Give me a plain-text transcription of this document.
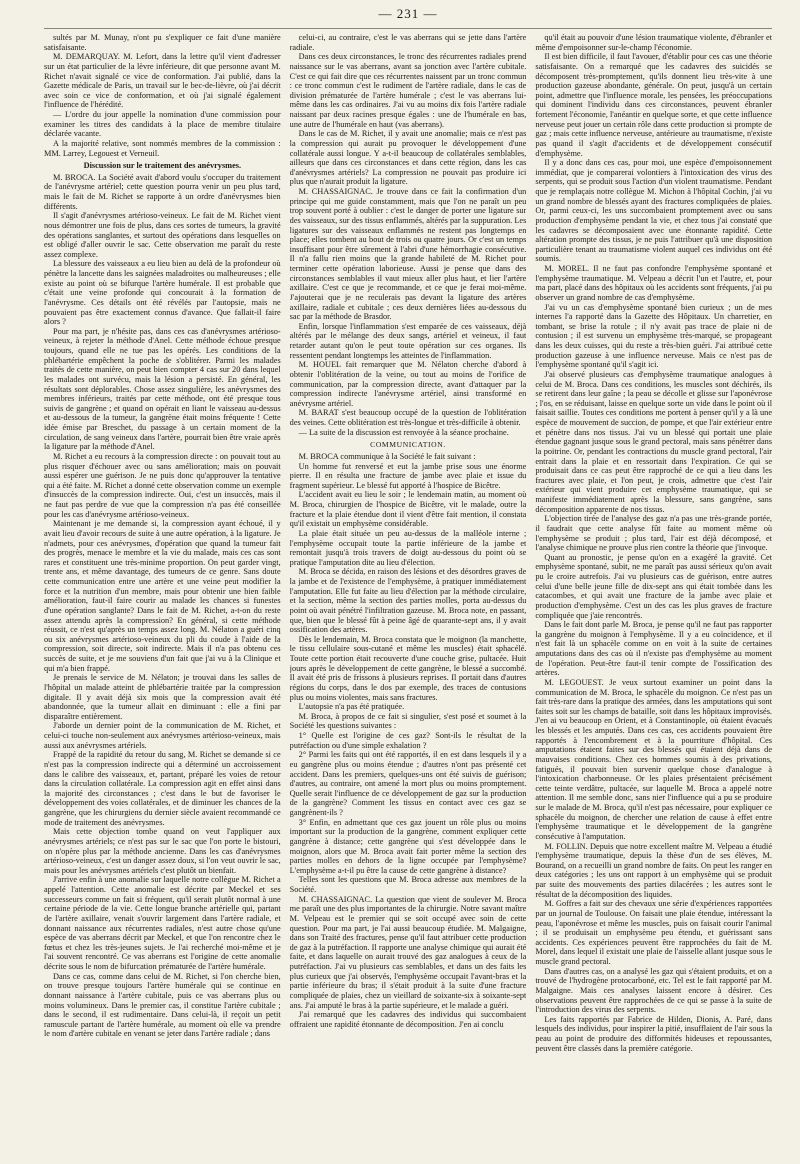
— 231 —

sultés par M. Munay, n'ont pu s'expliquer ce fait d'une manière satisfaisante.

M. DEMARQUAY. M. Lefort, dans la lettre qu'il vient d'adresser sur un état particulier de la lèvre inférieure, dit que personne avant M. Richet n'avait signalé ce vice de conformation. J'ai publié, dans la Gazette médicale de Paris, un travail sur le bec-de-lièvre, où j'ai décrit avec soin ce vice de conformation, et où j'ai signalé également l'influence de l'hérédité.

— L'ordre du jour appelle la nomination d'une commission pour examiner les titres des candidats à la place de membre titulaire déclarée vacante.

A la majorité relative, sont nommés membres de la commission : MM. Larrey, Legouest et Verneuil.

Discussion sur le traitement des anévrysmes.

M. BROCA. La Société avait d'abord voulu s'occuper du traitement de l'anévrysme artériel; cette question pourra venir un peu plus tard, mais le fait de M. Richet se rapporte à un ordre d'anévrysmes bien différents.

Il s'agit d'anévrysmes artérioso-veineux. Le fait de M. Richet vient nous démontrer une fois de plus, dans ces sortes de tumeurs, la gravité des opérations sanglantes, et surtout des opérations dans lesquelles on est obligé d'aller ouvrir le sac. Cette observation me paraît du reste assez complexe.

La blessure des vaisseaux a eu lieu bien au delà de la profondeur où pénètre la lancette dans les saignées maladroites ou malheureuses ; elle existe au point où se bifurque l'artère humérale. Il est probable que c'était une veine profonde qui concourait à la formation de l'anévrysme. Ces détails ont été révélés par l'autopsie, mais ne pouvaient pas être exactement connus d'avance. Que fallait-il faire alors ?

Pour ma part, je n'hésite pas, dans ces cas d'anévrysmes artérioso-veineux, à rejeter la méthode d'Anel. Cette méthode échoue presque toujours, quand elle ne tue pas les opérés. Les conditions de la phlébartérie empêchent la poche de s'oblitérer. Parmi les malades traités de cette manière, on peut bien compter 4 cas sur 20 dans lequel les malades ont survécu, mais la lésion a persisté. En général, les résultats sont déplorables. Chose assez singulière, les anévrysmes des membres inférieurs, traités par cette méthode, ont été presque tous suivis de gangrène ; et quand on opérait en liant le vaisseau au-dessus et au-dessous de la tumeur, la gangrène était moins fréquente ! Cette idée émise par Breschet, du passage à un certain moment de la circulation, de sang veineux dans l'artère, pourrait bien être vraie après la ligature par la méthode d'Anel.

M. Richet a eu recours à la compression directe : on pouvait tout au plus risquer d'échouer avec ou sans amélioration; mais on pouvait aussi espérer une guérison. Je ne puis donc qu'approuver la tentative qui a été faite. M. Richet a donné cette observation comme un exemple d'insuccès de la compression indirecte. Oui, c'est un insuccès, mais il ne faut pas perdre de vue que la compression n'a pas été conseillée pour les cas d'anévrysme artérioso-veineux.

Maintenant je me demande si, la compression ayant échoué, il y avait lieu d'avoir recours de suite à une autre opération, à la ligature. Je n'admets, pour ces anévrysmes, d'opération que quand la tumeur fait des progrès, menace le membre et la vie du malade, mais ces cas sont rares et constituent une très-minime proportion. On peut garder vingt, trente ans, et même davantage, des tumeurs de ce genre. Sans doute cette communication entre une artère et une veine peut modifier la force et la nutrition d'un membre, mais pour obtenir une bien faible amélioration, faut-il faire courir au malade les chances si funestes d'une opération sanglante? Dans le fait de M. Richet, a-t-on du reste assez attendu après la compression? En général, si cette méthode réussit, ce n'est qu'après un temps assez long. M. Nélaton a guéri cinq ou six anévrysmes artérioso-veineux du pli du coude à l'aide de la compression, soit directe, soit indirecte. Mais il n'a pas obtenu ces succès de suite, et je me souviens d'un fait que j'ai vu à la Clinique et qui m'a bien frappé.

Je prenais le service de M. Nélaton; je trouvai dans les salles de l'hôpital un malade atteint de phlébartérie traitée par la compression digitale. Il y avait déjà six mois que la compression avait été abandonnée, que la tumeur allait en diminuant : elle a fini par disparaître entièrement.

J'aborde un dernier point de la communication de M. Richet, et celui-ci touche non-seulement aux anévrysmes artérioso-veineux, mais aussi aux anévrysmes artériels.

Frappé de la rapidité du retour du sang, M. Richet se demande si ce n'est pas la compression indirecte qui a déterminé un accroissement dans le calibre des vaisseaux, et, partant, préparé les voies de retour dans la circulation collatérale. La compression agit en effet ainsi dans la majorité des circonstances ; c'est dans le but de favoriser le développement des voies collatérales, et de diminuer les chances de la gangrène, que les chirurgiens du dernier siècle avaient recommandé ce mode de traitement des anévrysmes.

Mais cette objection tombe quand on veut l'appliquer aux anévrysmes artériels; ce n'est pas sur le sac que l'on porte le bistouri, on n'opère plus par la méthode ancienne. Dans les cas d'anévrysmes artérioso-veineux, c'est un danger assez doux, si l'on veut ouvrir le sac, mais pour les anévrysmes artériels c'est plutôt un bienfait.

J'arrive enfin à une anomalie sur laquelle notre collègue M. Richet a appelé l'attention. Cette anomalie est décrite par Meckel et ses successeurs comme un fait si fréquent, qu'il serait plutôt normal à une certaine période de la vie. Cette longue branche artérielle qui, partant de l'artère axillaire, venait s'ouvrir largement dans l'artère radiale, et donnant naissance aux récurrentes radiales, n'est autre chose qu'une espèce de vas aberrans décrit par Meckel, et que l'on rencontre chez le fœtus et chez les très-jeunes sujets. Je l'ai recherché moi-même et je l'ai souvent rencontré. Ce vas aberrans est l'origine de cette anomalie décrite sous le nom de bifurcation prématurée de l'artère humérale.

Dans ce cas, comme dans celui de M. Richet, si l'on cherche bien, on trouve presque toujours l'artère humérale qui se continue en donnant naissance à l'artère cubitale, puis ce vas aberrans plus ou moins volumineux. Dans le premier cas, il constitue l'artère cubitale ; dans le second, il est rudimentaire. Dans celui-là, il reçoit un petit ramuscule partant de l'artère humérale, au moment où elle va prendre le nom d'artère cubitale en venant se jeter dans l'artère radiale ; dans

celui-ci, au contraire, c'est le vas aberrans qui se jette dans l'artère radiale.

Dans ces deux circonstances, le tronc des récurrentes radiales prend naissance sur le vas aberrans, avant sa jonction avec l'artère cubitale. C'est ce qui fait dire que ces récurrentes naissent par un tronc commun : ce tronc commun c'est le rudiment de l'artère radiale, dans le cas de division prématurée de l'artère humérale ; c'est le vas aberrans lui-même dans les cas ordinaires. J'ai vu au moins dix fois l'artère radiale naissant par deux racines presque égales : une de l'humérale en bas, une autre de l'humérale en haut (vas aberrans).

Dans le cas de M. Richet, il y avait une anomalie; mais ce n'est pas la compression qui aurait pu provoquer le développement d'une collatérale aussi longue. Y a-t-il beaucoup de collatérales semblables, ailleurs que dans ces circonstances et dans cette région, dans les cas d'anévrysmes artériels? La compression ne pouvait pas produire ici plus que n'aurait produit la ligature.

M. CHASSAIGNAC. Je trouve dans ce fait la confirmation d'un principe qui me guide constamment, mais que l'on ne paraît un peu trop souvent porté à oublier : c'est le danger de porter une ligature sur des vaisseaux, sur des tissus enflammés, altérés par la suppuration. Les ligatures sur des vaisseaux enflammés ne restent pas longtemps en place; elles tombent au bout de trois ou quatre jours. Or c'est un temps insuffisant pour être sûrement à l'abri d'une hémorrhagie consécutive. Il n'a fallu rien moins que la grande habileté de M. Richet pour terminer cette opération laborieuse. Aussi je pense que dans des circonstances semblables il vaut mieux aller plus haut, et lier l'artère axillaire. C'est ce que je recommande, et ce que je ferai moi-même. J'ajouterai que je ne reculerais pas devant la ligature des artères axillaire, radiale et cubitale ; ces deux dernières liées au-dessous du sac par la méthode de Brasdor.

Enfin, lorsque l'inflammation s'est emparée de ces vaisseaux, déjà altérés par le mélange des deux sangs, artériel et veineux, il faut retarder autant qu'on le peut toute opération sur ces organes. Ils ressentent pendant longtemps les atteintes de l'inflammation.

M. HOUEL fait remarquer que M. Nélaton cherche d'abord à obtenir l'oblitération de la veine, ou tout au moins de l'orifice de communication, par la compression directe, avant d'attaquer par la compression indirecte l'anévrysme artériel, ainsi transformé en anévrysme artériel.

M. BARAT s'est beaucoup occupé de la question de l'oblitération des veines. Cette oblitération est très-longue et très-difficile à obtenir.

— La suite de la discussion est renvoyée à la séance prochaine.

COMMUNICATION.

M. BROCA communique à la Société le fait suivant :

Un homme fut renversé et eut la jambe prise sous une énorme pierre. Il en résulta une fracture de jambe avec plaie et issue du fragment supérieur. Le blessé fut apporté à l'hospice de Bicêtre.

L'accident avait eu lieu le soir ; le lendemain matin, au moment où M. Broca, chirurgien de l'hospice de Bicêtre, vit le malade, outre la fracture et la plaie étendue dont il vient d'être fait mention, il constata qu'il existait un emphysème considérable.

La plaie était située un peu au-dessus de la malléole interne ; l'emphysème occupait toute la partie inférieure de la jambe et remontait jusqu'à trois travers de doigt au-dessous du point où se pratique l'amputation dite au lieu d'élection.

M. Broca se décida, en raison des lésions et des désordres graves de la jambe et de l'existence de l'emphysème, à pratiquer immédiatement l'amputation. Elle fut faite au lieu d'élection par la méthode circulaire, et la section, même la section des parties molles, porta au-dessus du point où avait pénétré l'infiltration gazeuse. M. Broca note, en passant, que, bien que le blessé fût à peine âgé de quarante-sept ans, il y avait ossification des artères.

Dès le lendemain, M. Broca constata que le moignon (la manchette, le tissu cellulaire sous-cutané et même les muscles) était sphacélé. Toute cette portion était recouverte d'une couche grise, pultacée. Huit jours après le développement de cette gangrène, le blessé a succombé. Il avait été pris de frissons à plusieurs reprises. Il portait dans d'autres régions du corps, dans le dos par exemple, des traces de contusions plus ou moins violentes, mais sans fractures.

L'autopsie n'a pas été pratiquée.

M. Broca, à propos de ce fait si singulier, s'est posé et soumet à la Société les questions suivantes :

1° Quelle est l'origine de ces gaz? Sont-ils le résultat de la putréfaction ou d'une simple exhalation ?

2° Parmi les faits qui ont été rapportés, il en est dans lesquels il y a eu gangrène plus ou moins étendue ; d'autres n'ont pas présenté cet accident. Dans les premiers, quelques-uns ont été suivis de guérison; d'autres, au contraire, ont amené la mort plus ou moins promptement. Quelle serait l'influence de ce développement de gaz sur la production de la gangrène? Comment les tissus en contact avec ces gaz se gangrènent-ils ?

3° Enfin, en admettant que ces gaz jouent un rôle plus ou moins important sur la production de la gangrène, comment expliquer cette gangrène à distance; cette gangrène qui s'est développée dans le moignon, alors que M. Broca avait fait porter même la section des parties molles en dehors de la ligne occupée par l'emphysème? L'emphysème a-t-il pu être la cause de cette gangrène à distance?

Telles sont les questions que M. Broca adresse aux membres de la Société.

M. CHASSAIGNAC. La question que vient de soulever M. Broca me paraît une des plus importantes de la chirurgie. Notre savant maître M. Velpeau est le premier qui se soit occupé avec soin de cette question. Pour ma part, je l'ai aussi beaucoup étudiée. M. Malgaigne, dans son Traité des fractures, pense qu'il faut attribuer cette production de gaz à la putréfaction. Il rapporte une analyse chimique qui aurait été faite, et dans laquelle on aurait trouvé des gaz analogues à ceux de la putréfaction. J'ai vu plusieurs cas semblables, et dans un des faits les plus curieux que j'ai observés, l'emphysème occupait l'avant-bras et la partie inférieure du bras; il s'était produit à la suite d'une fracture compliquée de plaies, chez un vieillard de soixante-six à soixante-sept ans. J'ai amputé le bras à la partie supérieure, et le malade a guéri.

J'ai remarqué que les cadavres des individus qui succombaient offraient une rapidité étonnante de décomposition. J'en ai conclu

qu'il était au pouvoir d'une lésion traumatique violente, d'ébranler et même d'empoisonner sur-le-champ l'économie.

Il est bien difficile, il faut l'avouer, d'établir pour ces cas une théorie satisfaisante. On a remarqué que les cadavres des suicidés se décomposent très-promptement, qu'ils donnent lieu très-vite à une production gazeuse abondante, générale. On peut, jusqu'à un certain point, admettre que l'influence morale, les pensées, les préoccupations qui dominent l'individu dans ces circonstances, peuvent ébranler fortement l'économie, l'anéantir en quelque sorte, et que cette influence nerveuse peut jouer un certain rôle dans cette production si prompte de gaz ; mais cette influence nerveuse, antérieure au traumatisme, n'existe pas quand il s'agit d'accidents et de développement consécutif d'emphysème.

Il y a donc dans ces cas, pour moi, une espèce d'empoisonnement immédiat, que je comparerai volontiers à l'intoxication des virus des serpents, qui se produit sous l'action d'un violent traumatisme. Pendant que je remplaçais notre collègue M. Michon à l'hôpital Cochin, j'ai vu un grand nombre de blessés ayant des fractures compliquées de plaies. Or, parmi ceux-ci, les uns succombaient promptement avec ou sans production d'emphysème pendant la vie, et chez tous j'ai constaté que les cadavres se décomposaient avec une étonnante rapidité. Cette altération prompte des tissus, je ne puis l'attribuer qu'à une disposition particulière tenant au traumatisme violent auquel ces individus ont été soumis.

M. MOREL. Il ne faut pas confondre l'emphysème spontané et l'emphysème traumatique. M. Velpeau a décrit l'un et l'autre, et, pour ma part, placé dans des hôpitaux où les accidents sont fréquents, j'ai pu observer un grand nombre de cas d'emphysème.

J'ai vu un cas d'emphysème spontané bien curieux ; un de mes internes l'a rapporté dans la Gazette des Hôpitaux. Un charretier, en tombant, se brise la rotule ; il n'y avait pas trace de plaie ni de contusion ; il est survenu un emphysème très-marqué, se propageant dans les deux cuisses, qui du reste a très-bien guéri. J'ai attribué cette production gazeuse à une influence nerveuse. Mais ce n'est pas de l'emphysème spontané qu'il s'agit ici.

J'ai observé plusieurs cas d'emphysème traumatique analogues à celui de M. Broca. Dans ces conditions, les muscles sont déchirés, ils se retirent dans leur gaîne ; la peau se décolle et glisse sur l'aponévrose ; l'os, en se réduisant, laisse en quelque sorte un vide dans le point où il faisait saillie. Toutes ces conditions me portent à penser qu'il y a là une espèce de mouvement de succion, de pompe, et que l'air extérieur entre et pénètre dans nos tissus. J'ai vu un blessé qui portait une plaie étendue gagnant jusque sous le grand pectoral, mais sans pénétrer dans la poitrine. Or, pendant les contractions du muscle grand pectoral, l'air entrait dans la plaie et en ressortait dans l'expiration. Ce qui se produisait dans ce cas peut être rapproché de ce qui a lieu dans les fractures avec plaie, et l'on peut, je crois, admettre que c'est l'air extérieur qui vient produire cet emphysème traumatique, qui se manifeste immédiatement après la blessure, sans gangrène, sans décomposition apparente de nos tissus.

L'objection tirée de l'analyse des gaz n'a pas une très-grande portée, il faudrait que cette analyse fût faite au moment même où l'emphysème se produit ; plus tard, l'air est déjà décomposé, et l'analyse chimique ne prouve plus rien contre la théorie que j'invoque.

Quant au pronostic, je pense qu'on en a exagéré la gravité. Cet emphysème spontané, subit, ne me paraît pas aussi sérieux qu'on avait pu le croire autrefois. J'ai vu plusieurs cas de guérison, entre autres celui d'une belle jeune fille de dix-sept ans qui était tombée dans les catacombes, et qui avait une fracture de la jambe avec plaie et production d'emphysème. C'est un des cas les plus graves de fracture compliquée que j'aie rencontrés.

Dans le fait dont parle M. Broca, je pense qu'il ne faut pas rapporter la gangrène du moignon à l'emphysème. Il y a eu coïncidence, et il n'est fait là un sphacèle comme on en voit à la suite de certaines amputations dans des cas où il n'existe pas d'emphysème au moment de l'opération. Peut-être faut-il tenir compte de l'ossification des artères.

M. LEGOUEST. Je veux surtout examiner un point dans la communication de M. Broca, le sphacèle du moignon. Ce n'est pas un fait très-rare dans la pratique des armées, dans les amputations qui sont faites soit sur les champs de bataille, soit dans les hôpitaux improvisés. J'en ai vu beaucoup en Orient, et à Constantinople, où étaient évacués les blessés et les amputés. Dans ces cas, ces accidents pouvaient être rapportés à l'encombrement et à la pourriture d'hôpital. Ces amputations étaient faites sur des blessés qui étaient déjà dans de mauvaises conditions. Chez ces hommes soumis à des privations, fatigués, il pouvait bien survenir quelque chose d'analogue à l'intoxication charbonneuse. Or les plaies présentaient précisément cette teinte verdâtre, pultacée, sur laquelle M. Broca a appelé notre attention. Il me semble donc, sans nier l'influence qui a pu se produire sur le malade de M. Broca, qu'il n'est pas nécessaire, pour expliquer ce sphacèle du moignon, de chercher une relation de cause à effet entre l'emphysème traumatique et le développement de la gangrène consécutive à l'amputation.

M. FOLLIN. Depuis que notre excellent maître M. Velpeau a étudié l'emphysème traumatique, depuis la thèse d'un de ses élèves, M. Bourand, on a recueilli un grand nombre de faits. On peut les ranger en deux catégories ; les uns ont rapport à un emphysème qui se produit par suite des mouvements des parties dilacérées ; les autres sont le résultat de la décomposition des liquides.

M. Goffres a fait sur des chevaux une série d'expériences rapportées par un journal de Toulouse. On faisait une plaie étendue, intéressant la peau, l'aponévrose et même les muscles, puis on faisait courir l'animal ; il se produisait un emphysème peu étendu, et guérissant sans accidents. Ces expériences peuvent être rapprochées du fait de M. Morel, dans lequel il existait une plaie de l'aisselle allant jusque sous le muscle grand pectoral.

Dans d'autres cas, on a analysé les gaz qui s'étaient produits, et on a trouvé de l'hydrogène protocarboné, etc. Tel est le fait rapporté par M. Malgaigne. Mais ces analyses laissent encore à désirer. Ces observations peuvent être rapprochées de ce qui se passe à la suite de l'introduction des virus des serpents.

Les faits rapportés par Fabrice de Hilden, Dionis, A. Paré, dans lesquels des individus, pour inspirer la pitié, insufflaient de l'air sous la peau au point de produire des difformités hideuses et repoussantes, peuvent être classés dans la première catégorie.
